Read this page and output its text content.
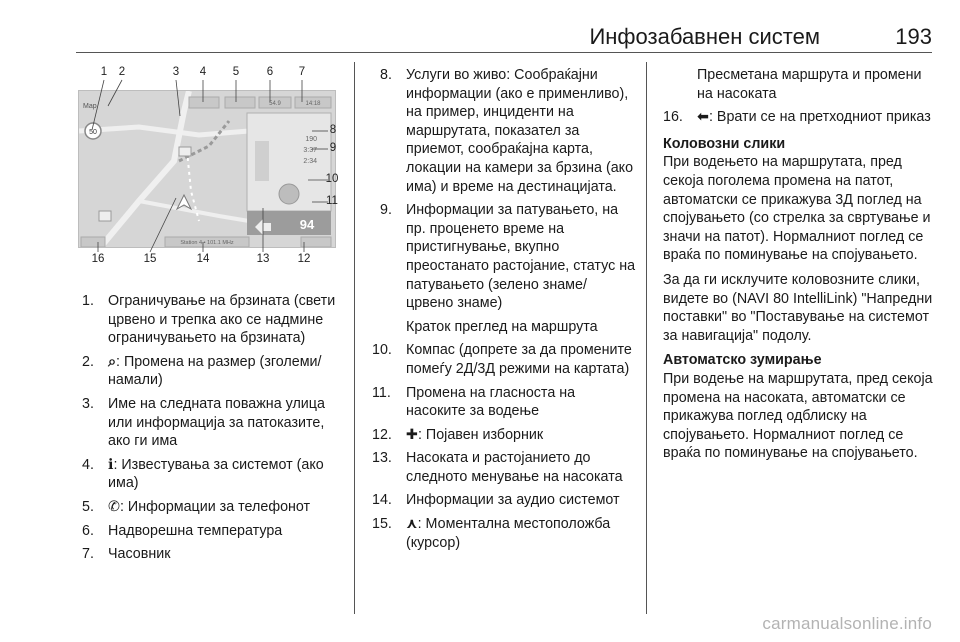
Инфозабавнен систем	193
50
Map	54.9	14:18
190
3:37
2:34
94
Station 4 • 101.1 MHz
1	2	3	4	5	6	7
8
9
10
11
12
13
14
15
16
1. Ограничување на брзината (свети црвено и трепка ако се надмине ограничувањето на брзината)
2. ⌕: Промена на размер (зголеми/намали)
3. Име на следната поважна улица или информација за патоказите, ако ги има
4. ℹ: Известувања за системот (ако има)
5. ✆: Информации за телефонот
6. Надворешна температура
7. Часовник
8. Услуги во живо: Сообраќајни информации (ако е применливо), на пример, инциденти на маршрутата, показател за приемот, сообраќајна карта, локации на камери за брзина (ако има) и време на дестинацијата.
9. Информации за патувањето, на пр. проценето време на пристигнување, вкупно преостанато растојание, статус на патувањето (зелено знаме/ црвено знаме)
Краток преглед на маршрута
10. Компас (допрете за да промените помеѓу 2Д/3Д режими на картата)
11. Промена на гласноста на насоките за водење
12. ✚: Појавен изборник
13. Насоката и растојанието до следното менување на насоката
14. Информации за аудио системот
15. ⋏: Моментална местоположба (курсор)
Пресметана маршрута и промени на насоката
16. ⬅: Врати се на претходниот приказ
Коловозни слики
При водењето на маршрутата, пред секоја поголема промена на патот, автоматски се прикажува 3Д поглед на спојувањето (со стрелка за свртување и значи на патот). Нормалниот поглед се враќа по поминување на спојувањето.
За да ги исклучите коловозните слики, видете во (NAVI 80 IntelliLink) "Напредни поставки" во "Поставување на системот за навигација" подолу.
Автоматско зумирање
При водење на маршрутата, пред секоја промена на насоката, автоматски се прикажува поглед одблиску на спојувањето. Нормалниот поглед се враќа по поминување на спојувањето.
carmanualsonline.info
